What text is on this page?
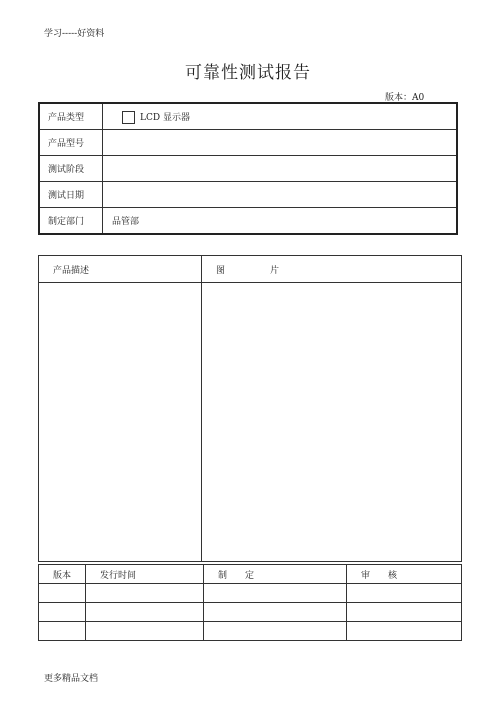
学习-----好资料
可靠性测试报告
版本：A0
产品类型	LCD 显示器
产品型号	
测试阶段	
测试日期	
制定部门	品管部
产品描述	图　　　　　片

版本	发行时间	制　　定	审　　核

更多精品文档
